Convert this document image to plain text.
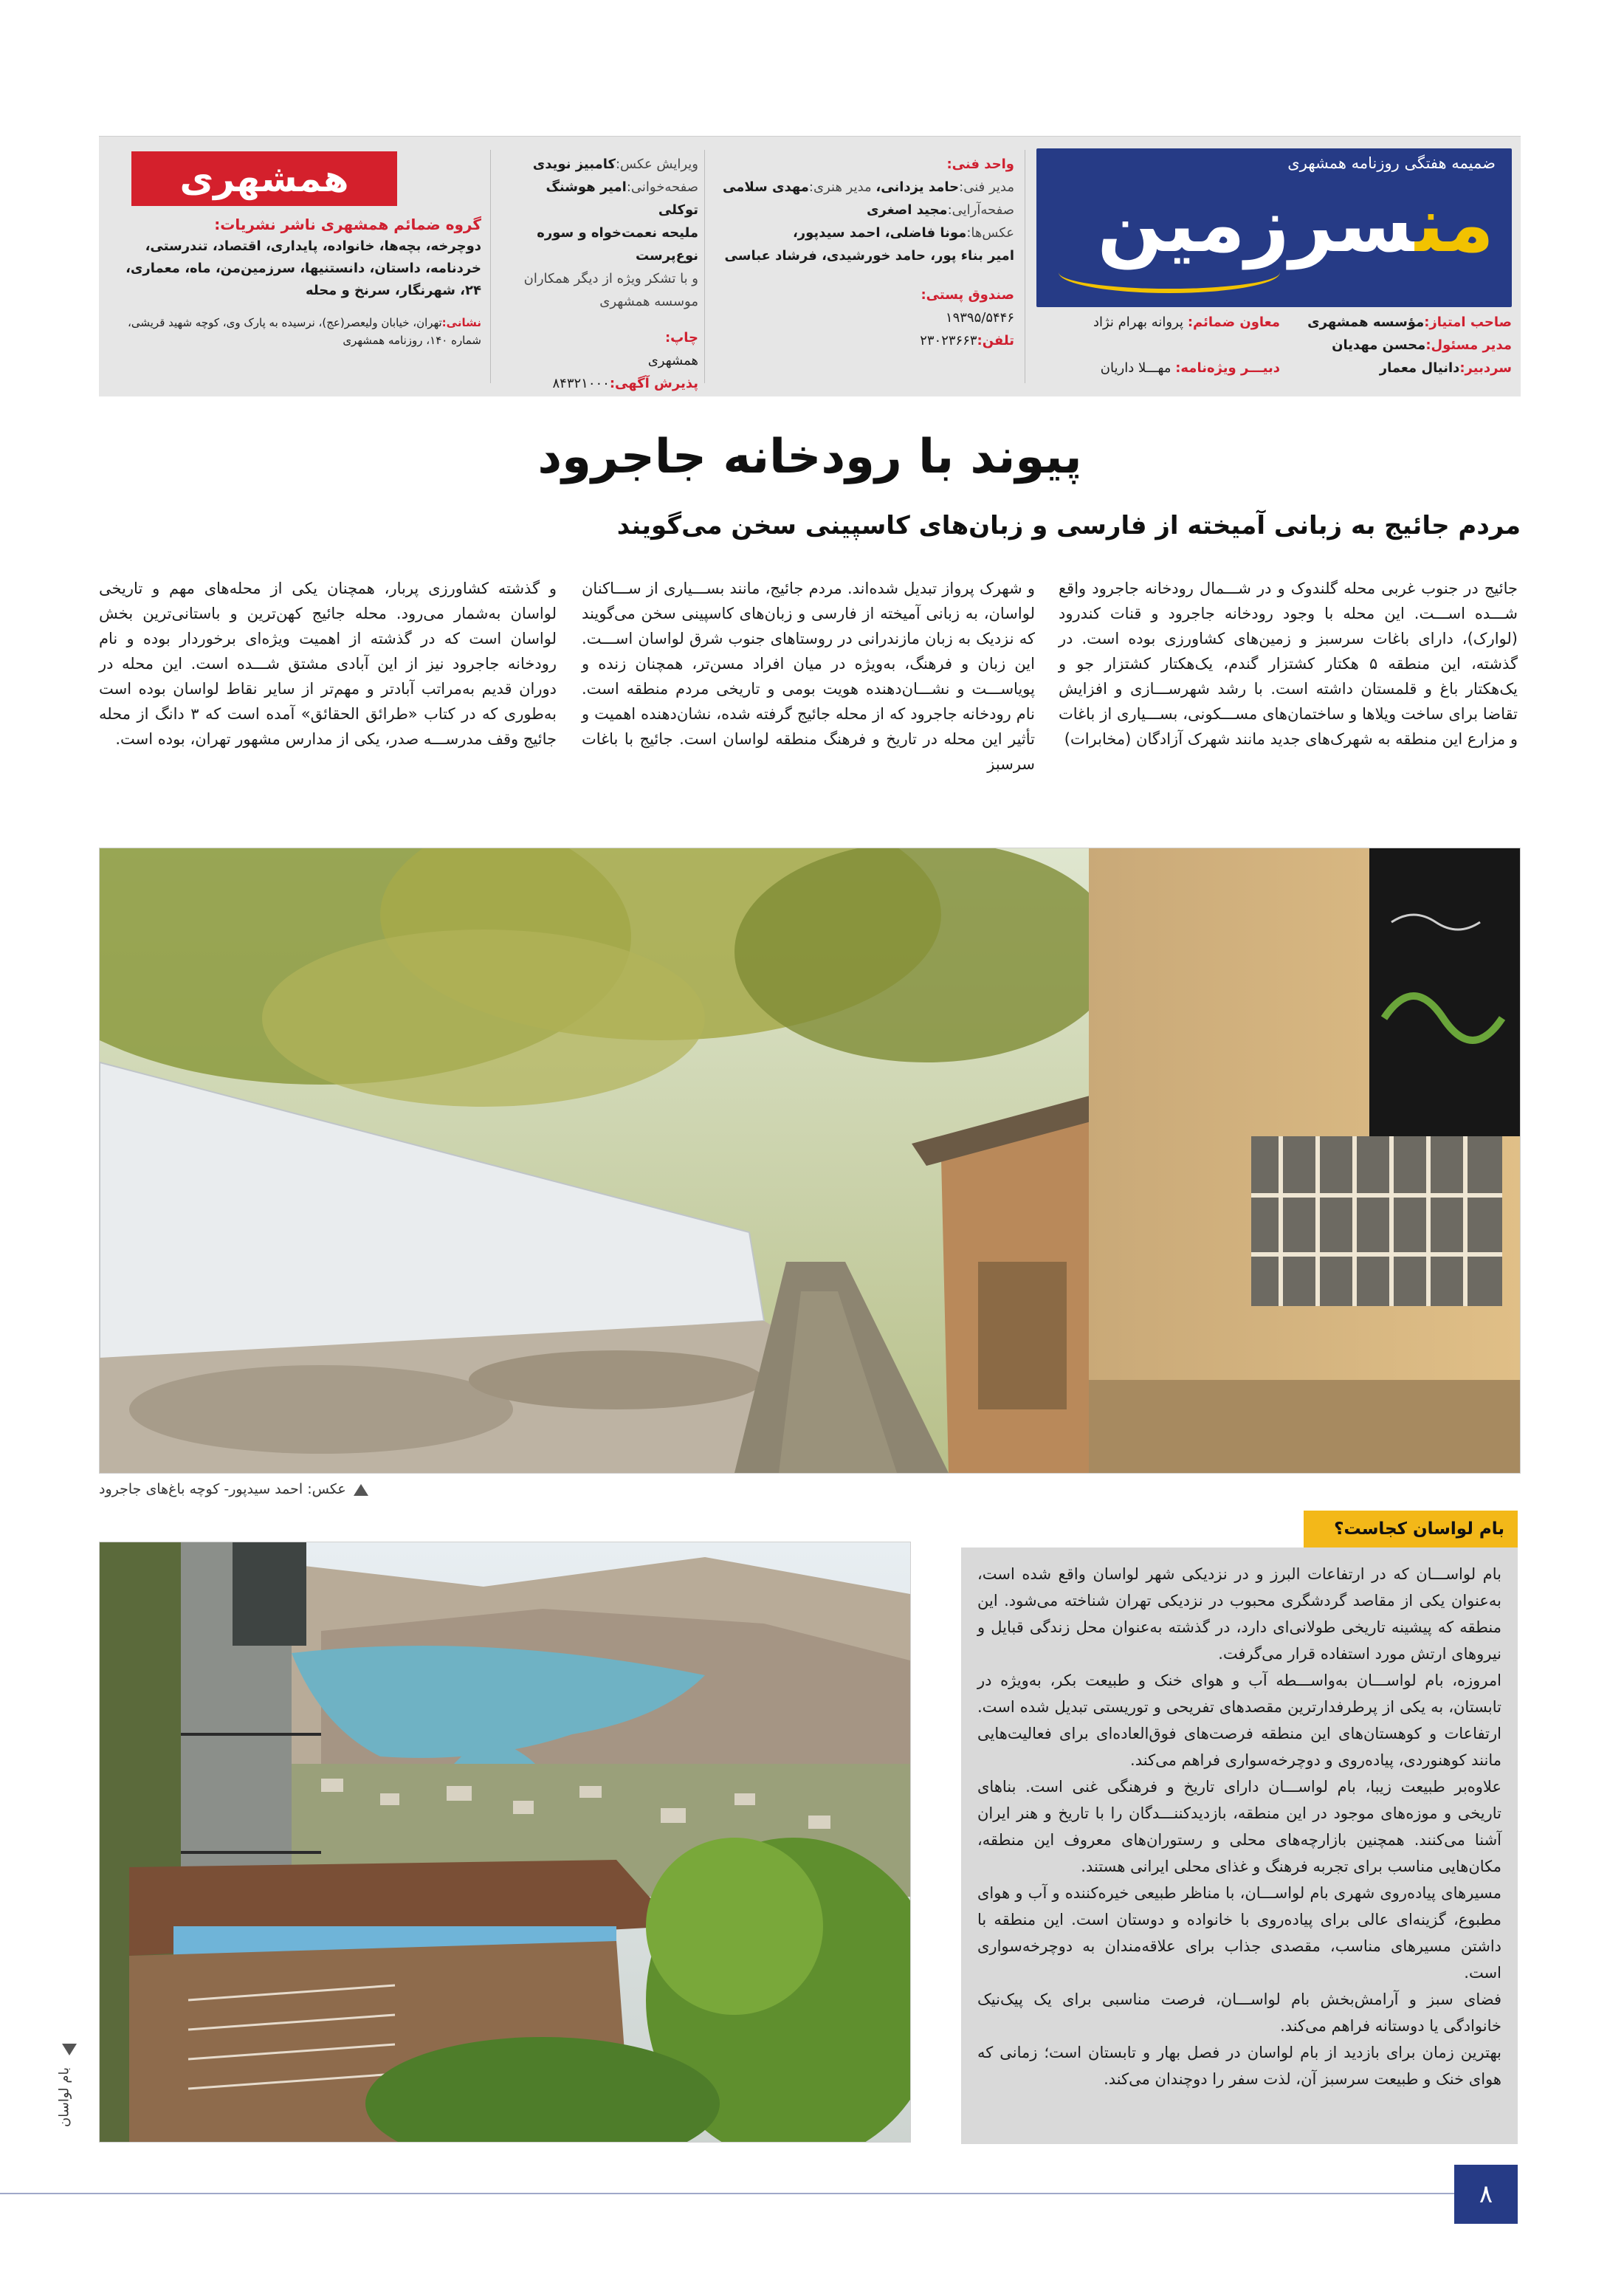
ضمیمه هفتگی روزنامه همشهری
منسرزمین
صاحب امتیاز:مؤسسه همشهری
مدیر مسئول:محسن مهدیان
سردبیر:دانیال معمار
معاون ضمائم: پروانه بهرام نژاد
دبیـــر ویژه‌نامه: مهـــلا داریان
واحد فنی:
مدیر فنی:حامد یزدانی، مدیر هنری:مهدی سلامی
صفحه‌آرایی:مجید اصغری
عکس‌ها:مونا فاضلی، احمد سیدپور،
امیر بناء پور، حامد خورشیدی، فرشاد عباسی
صندوق پستی:
۱۹۳۹۵/۵۴۴۶
تلفن:۲۳۰۲۳۶۶۳
ویرایش عکس:کامبیز نویدی
صفحه‌خوانی:امیر هوشنگ توکلی
ملیحه نعمت‌خواه و سوره نوع‌پرست
و با تشکر ویژه از دیگر همکاران موسسه همشهری
چاپ:
همشهری
پذیرش آگهی:۸۴۳۲۱۰۰۰
همشهری
گروه ضمائم همشهری ناشر نشریات:
دوچرخه، بچه‌ها، خانواده، پایداری، اقتصاد، تندرستی، خردنامه، داستان، دانستنیها، سرزمین‌من، ماه، معماری، ۲۴، شهرنگار، سرنخ و محله
نشانی:تهران، خیابان ولیعصر(عج)، نرسیده به پارک وی، کوچه شهید قریشی، شماره ۱۴۰، روزنامه همشهری
پیوند با رودخانه جاجرود
مردم جائیج به زبانی آمیخته از فارسی و زبان‌های کاسپینی سخن می‌گویند
جائیج در جنوب غربی محله گلندوک و در شـــمال رودخانه جاجرود واقع شـــده اســـت. این محله با وجود رودخانه جاجرود و قنات کندرود (لوارک)، دارای باغات سرسبز و زمین‌های کشاورزی بوده است. در گذشته، این منطقه ۵ هکتار کشتزار گندم، یک‌هکتار کشتزار جو و یک‌هکتار باغ و قلمستان داشته است. با رشد شهرســـازی و افزایش تقاضا برای ساخت ویلاها و ساختمان‌های مســـکونی، بســـیاری از باغات و مزارع این منطقه به شهرک‌های جدید مانند شهرک آزادگان (مخابرات)
و شهرک پرواز تبدیل شده‌اند. مردم جائیج، مانند بســـیاری از ســـاکنان لواسان، به زبانی آمیخته از فارسی و زبان‌های کاسپینی سخن می‌گویند که نزدیک به زبان مازندرانی در روستاهای جنوب شرق لواسان اســـت. این زبان و فرهنگ، به‌ویژه در میان افراد مسن‌تر، همچنان زنده و پویاســـت و نشـــان‌دهنده هویت بومی و تاریخی مردم منطقه است. نام رودخانه جاجرود که از محله جائیج گرفته شده، نشان‌دهنده اهمیت و تأثیر این محله در تاریخ و فرهنگ منطقه لواسان است. جائیج با باغات سرسبز
و گذشته کشاورزی پربار، همچنان یکی از محله‌های مهم و تاریخی لواسان به‌شمار می‌رود. محله جائیج کهن‌ترین و باستانی‌ترین بخش لواسان است که در گذشته از اهمیت ویژه‌ای برخوردار بوده و نام رودخانه جاجرود نیز از این آبادی مشتق شـــده است. این محله در دوران قدیم به‌مراتب آبادتر و مهم‌تر از سایر نقاط لواسان بوده است به‌طوری که در کتاب «طرائق الحقائق» آمده است که ۳ دانگ از محله جائیج وقف مدرســـه صدر، یکی از مدارس مشهور تهران، بوده است.
عکس: احمد سیدپور- کوچه باغ‌های جاجرود
بام لواسان
بام لواسان کجاست؟

بام لواســـان که در ارتفاعات البرز و در نزدیکی شهر لواسان واقع شده است، به‌عنوان یکی از مقاصد گردشگری محبوب در نزدیکی تهران شناخته می‌شود. این منطقه که پیشینه تاریخی طولانی‌ای دارد، در گذشته به‌عنوان محل زندگی قبایل و نیروهای ارتش مورد استفاده قرار می‌گرفت.

امروزه، بام لواســـان به‌واســـطه آب و هوای خنک و طبیعت بکر، به‌ویژه در تابستان، به یکی از پرطرفدارترین مقصدهای تفریحی و توریستی تبدیل شده است. ارتفاعات و کوهستان‌های این منطقه فرصت‌های فوق‌العاده‌ای برای فعالیت‌هایی مانند کوهنوردی، پیاده‌روی و دوچرخه‌سواری فراهم می‌کند.

علاوه‌بر طبیعت زیبا، بام لواســـان دارای تاریخ و فرهنگی غنی است. بناهای تاریخی و موزه‌های موجود در این منطقه، بازدیدکننـــدگان را با تاریخ و هنر ایران آشنا می‌کنند. همچنین بازارچه‌های محلی و رستوران‌های معروف این منطقه، مکان‌هایی مناسب برای تجربه فرهنگ و غذای محلی ایرانی هستند.

مسیرهای پیاده‌روی شهری بام لواســـان، با مناظر طبیعی خیره‌کننده و آب و هوای مطبوع، گزینه‌ای عالی برای پیاده‌روی با خانواده و دوستان است. این منطقه با داشتن مسیرهای مناسب، مقصدی جذاب برای علاقه‌مندان به دوچرخه‌سواری است.

فضای سبز و آرامش‌بخش بام لواســـان، فرصت مناسبی برای یک پیک‌نیک خانوادگی یا دوستانه فراهم می‌کند.

بهترین زمان برای بازدید از بام لواسان در فصل بهار و تابستان است؛ زمانی که هوای خنک و طبیعت سرسبز آن، لذت سفر را دوچندان می‌کند.

۸
